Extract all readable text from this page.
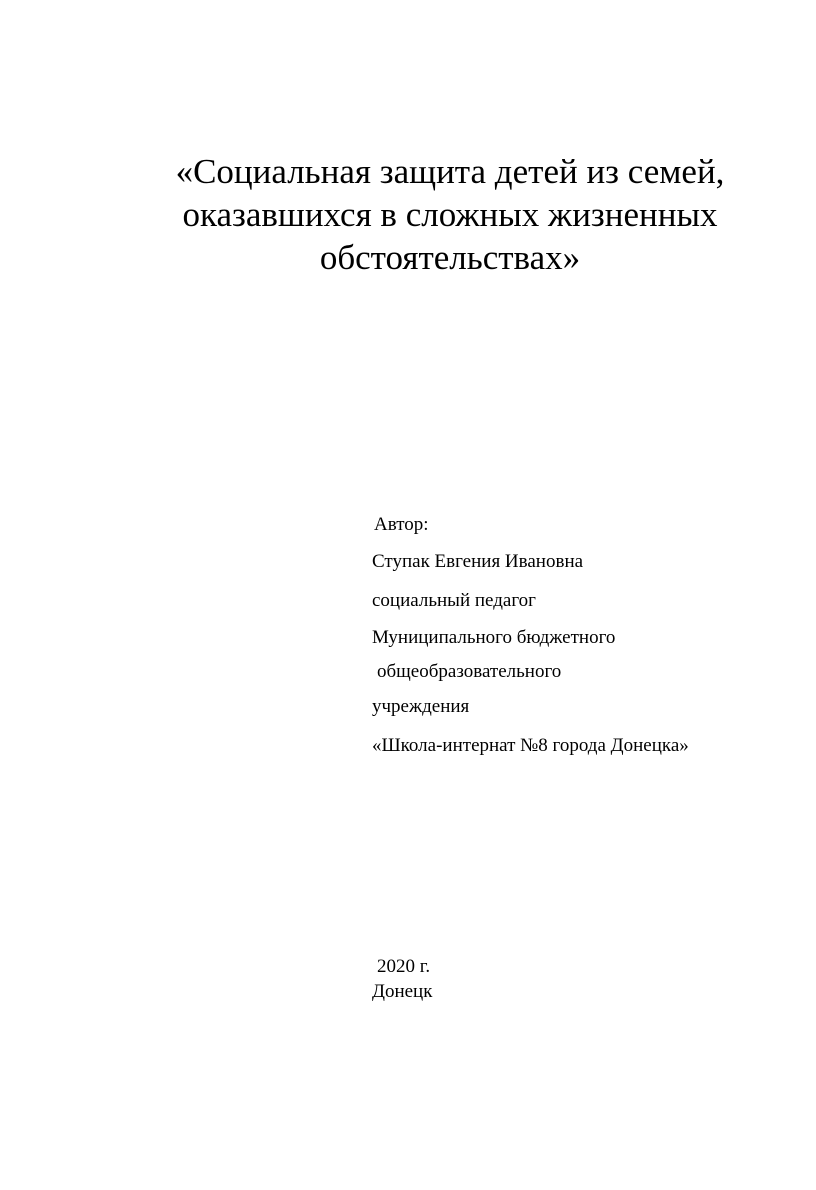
«Социальная защита детей из семей,
оказавшихся в сложных жизненных
обстоятельствах»
Автор:
Ступак Евгения Ивановна
социальный педагог
Муниципального бюджетного
общеобразовательного
учреждения
«Школа-интернат №8 города Донецка»
2020 г.
Донецк
